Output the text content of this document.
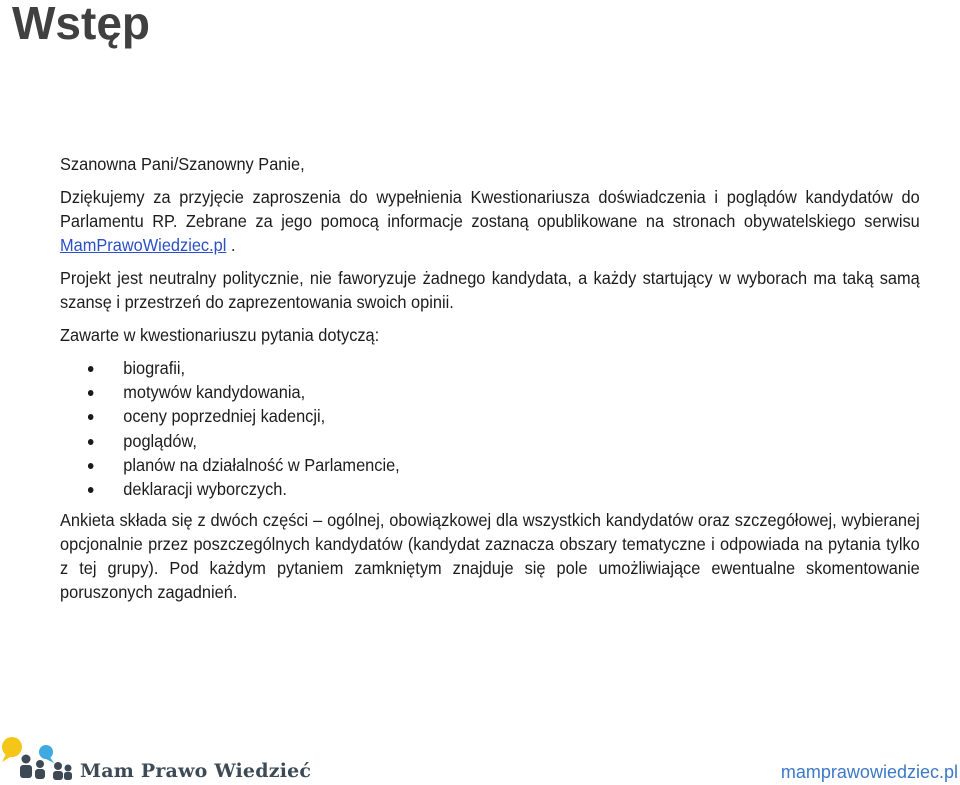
Wstęp

Szanowna Pani/Szanowny Panie,

Dziękujemy za przyjęcie zaproszenia do wypełnienia Kwestionariusza doświadczenia i poglądów kandydatów do Parlamentu RP. Zebrane za jego pomocą informacje zostaną opublikowane na stronach obywatelskiego serwisu MamPrawoWiedziec.pl .

Projekt jest neutralny politycznie, nie faworyzuje żadnego kandydata, a każdy startujący w wyborach ma taką samą szansę i przestrzeń do zaprezentowania swoich opinii.

Zawarte w kwestionariuszu pytania dotyczą:

biografii,
motywów kandydowania,
oceny poprzedniej kadencji,
poglądów,
planów na działalność w Parlamencie,
deklaracji wyborczych.

Ankieta składa się z dwóch części – ogólnej, obowiązkowej dla wszystkich kandydatów oraz szczegółowej, wybieranej opcjonalnie przez poszczególnych kandydatów (kandydat zaznacza obszary tematyczne i odpowiada na pytania tylko z tej grupy). Pod każdym pytaniem zamkniętym znajduje się pole umożliwiające ewentualne skomentowanie poruszonych zagadnień.

Mam Prawo Wiedzieć	mamprawowiedziec.pl
